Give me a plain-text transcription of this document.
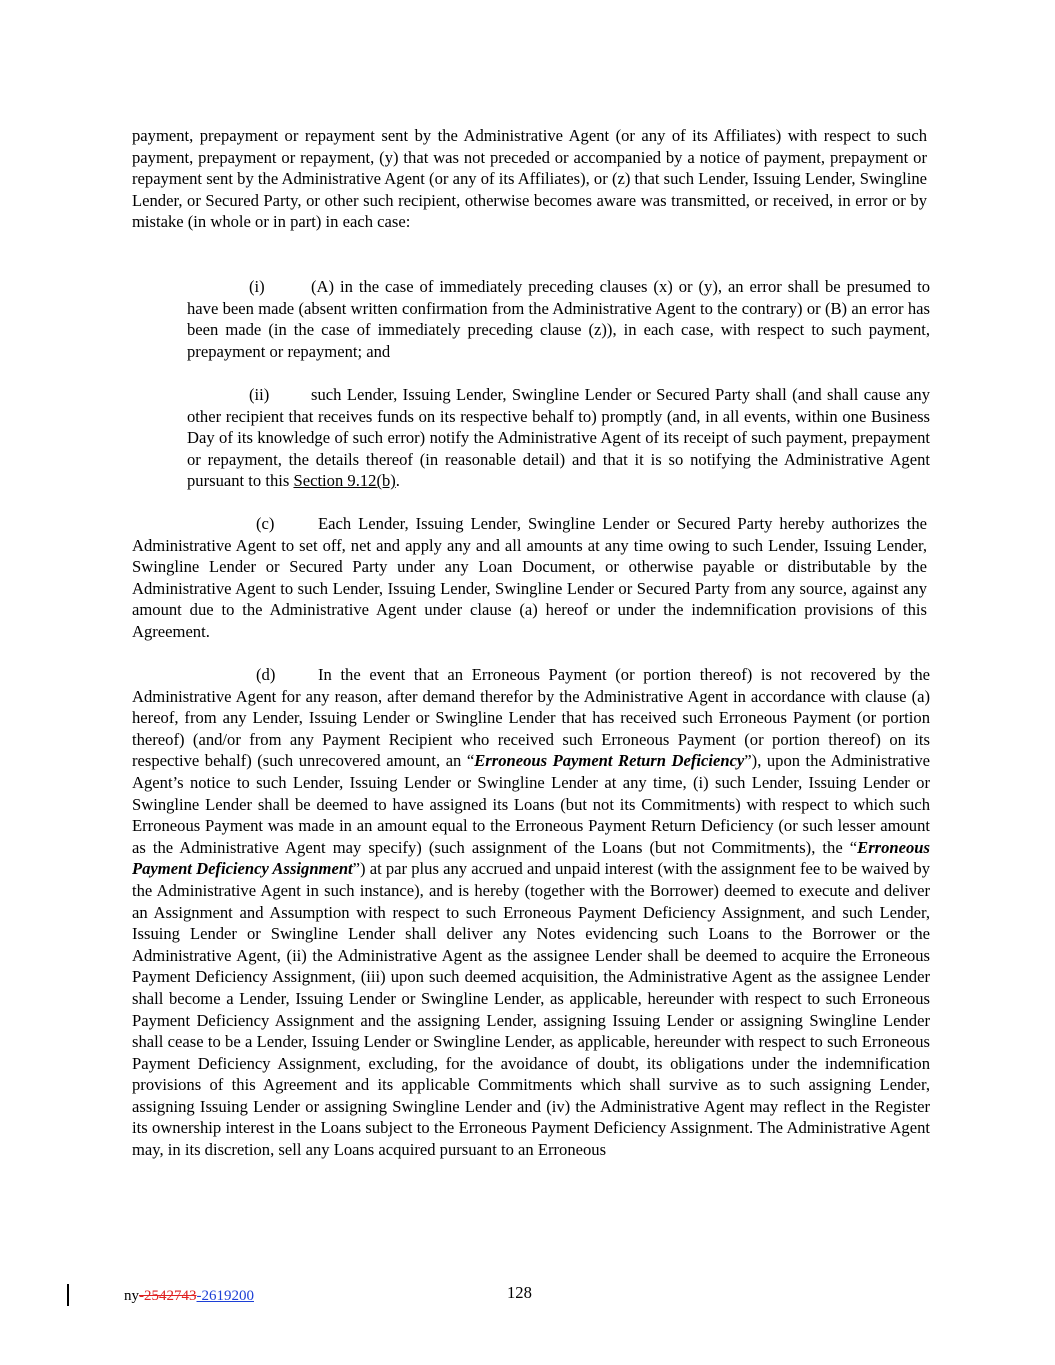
payment, prepayment or repayment sent by the Administrative Agent (or any of its Affiliates) with respect to such payment, prepayment or repayment, (y) that was not preceded or accompanied by a notice of payment, prepayment or repayment sent by the Administrative Agent (or any of its Affiliates), or (z) that such Lender, Issuing Lender, Swingline Lender, or Secured Party, or other such recipient, otherwise becomes aware was transmitted, or received, in error or by mistake (in whole or in part) in each case:

(i)	(A) in the case of immediately preceding clauses (x) or (y), an error shall be presumed to have been made (absent written confirmation from the Administrative Agent to the contrary) or (B) an error has been made (in the case of immediately preceding clause (z)), in each case, with respect to such payment, prepayment or repayment; and

(ii)	such Lender, Issuing Lender, Swingline Lender or Secured Party shall (and shall cause any other recipient that receives funds on its respective behalf to) promptly (and, in all events, within one Business Day of its knowledge of such error) notify the Administrative Agent of its receipt of such payment, prepayment or repayment, the details thereof (in reasonable detail) and that it is so notifying the Administrative Agent pursuant to this Section 9.12(b).

(c)	Each Lender, Issuing Lender, Swingline Lender or Secured Party hereby authorizes the Administrative Agent to set off, net and apply any and all amounts at any time owing to such Lender, Issuing Lender, Swingline Lender or Secured Party under any Loan Document, or otherwise payable or distributable by the Administrative Agent to such Lender, Issuing Lender, Swingline Lender or Secured Party from any source, against any amount due to the Administrative Agent under clause (a) hereof or under the indemnification provisions of this Agreement.

(d)	In the event that an Erroneous Payment (or portion thereof) is not recovered by the Administrative Agent for any reason, after demand therefor by the Administrative Agent in accordance with clause (a) hereof, from any Lender, Issuing Lender or Swingline Lender that has received such Erroneous Payment (or portion thereof) (and/or from any Payment Recipient who received such Erroneous Payment (or portion thereof) on its respective behalf) (such unrecovered amount, an “Erroneous Payment Return Deficiency”), upon the Administrative Agent’s notice to such Lender, Issuing Lender or Swingline Lender at any time, (i) such Lender, Issuing Lender or Swingline Lender shall be deemed to have assigned its Loans (but not its Commitments) with respect to which such Erroneous Payment was made in an amount equal to the Erroneous Payment Return Deficiency (or such lesser amount as the Administrative Agent may specify) (such assignment of the Loans (but not Commitments), the “Erroneous Payment Deficiency Assignment”) at par plus any accrued and unpaid interest (with the assignment fee to be waived by the Administrative Agent in such instance), and is hereby (together with the Borrower) deemed to execute and deliver an Assignment and Assumption with respect to such Erroneous Payment Deficiency Assignment, and such Lender, Issuing Lender or Swingline Lender shall deliver any Notes evidencing such Loans to the Borrower or the Administrative Agent, (ii) the Administrative Agent as the assignee Lender shall be deemed to acquire the Erroneous Payment Deficiency Assignment, (iii) upon such deemed acquisition, the Administrative Agent as the assignee Lender shall become a Lender, Issuing Lender or Swingline Lender, as applicable, hereunder with respect to such Erroneous Payment Deficiency Assignment and the assigning Lender, assigning Issuing Lender or assigning Swingline Lender shall cease to be a Lender, Issuing Lender or Swingline Lender, as applicable, hereunder with respect to such Erroneous Payment Deficiency Assignment, excluding, for the avoidance of doubt, its obligations under the indemnification provisions of this Agreement and its applicable Commitments which shall survive as to such assigning Lender, assigning Issuing Lender or assigning Swingline Lender and (iv) the Administrative Agent may reflect in the Register its ownership interest in the Loans subject to the Erroneous Payment Deficiency Assignment. The Administrative Agent may, in its discretion, sell any Loans acquired pursuant to an Erroneous

ny-2542743-2619200	128
